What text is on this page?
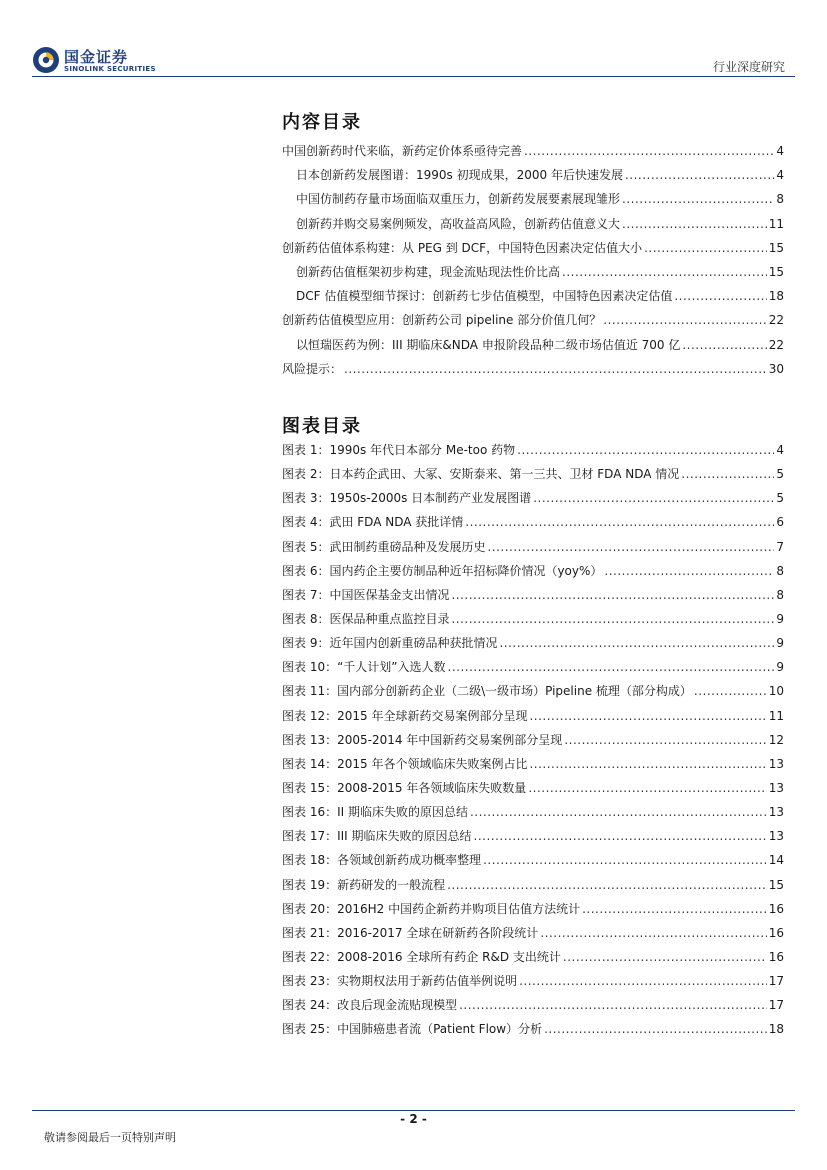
国金证券
SINOLINK SECURITIES	行业深度研究
内容目录
中国创新药时代来临，新药定价体系亟待完善 .....	4
日本创新药发展图谱：1990s 初现成果，2000 年后快速发展 .....	4
中国仿制药存量市场面临双重压力，创新药发展要素展现雏形 .....	8
创新药并购交易案例频发，高收益高风险，创新药估值意义大 .....	11
创新药估值体系构建：从 PEG 到 DCF，中国特色因素决定估值大小 .....	15
创新药估值框架初步构建，现金流贴现法性价比高 .....	15
DCF 估值模型细节探讨：创新药七步估值模型，中国特色因素决定估值 .....	18
创新药估值模型应用：创新药公司 pipeline 部分价值几何？ .....	22
以恒瑞医药为例：III 期临床&NDA 申报阶段品种二级市场估值近 700 亿 .....	22
风险提示： .....	30
图表目录
图表 1：1990s 年代日本部分 Me-too 药物 .....	4
图表 2：日本药企武田、大冢、安斯泰来、第一三共、卫材 FDA NDA 情况 .....	5
图表 3：1950s-2000s 日本制药产业发展图谱 .....	5
图表 4：武田 FDA NDA 获批详情 .....	6
图表 5：武田制药重磅品种及发展历史 .....	7
图表 6：国内药企主要仿制品种近年招标降价情况（yoy%） .....	8
图表 7：中国医保基金支出情况 .....	8
图表 8：医保品种重点监控目录 .....	9
图表 9：近年国内创新重磅品种获批情况 .....	9
图表 10：“千人计划”入选人数 .....	9
图表 11：国内部分创新药企业（二级\一级市场）Pipeline 梳理（部分构成） .....	10
图表 12：2015 年全球新药交易案例部分呈现 .....	11
图表 13：2005-2014 年中国新药交易案例部分呈现 .....	12
图表 14：2015 年各个领域临床失败案例占比 .....	13
图表 15：2008-2015 年各领域临床失败数量 .....	13
图表 16：II 期临床失败的原因总结 .....	13
图表 17：III 期临床失败的原因总结 .....	13
图表 18：各领域创新药成功概率整理 .....	14
图表 19：新药研发的一般流程 .....	15
图表 20：2016H2 中国药企新药并购项目估值方法统计 .....	16
图表 21：2016-2017 全球在研新药各阶段统计 .....	16
图表 22：2008-2016 全球所有药企 R&D 支出统计 .....	16
图表 23：实物期权法用于新药估值举例说明 .....	17
图表 24：改良后现金流贴现模型 .....	17
图表 25：中国肺癌患者流（Patient Flow）分析 .....	18
- 2 -
敬请参阅最后一页特别声明
